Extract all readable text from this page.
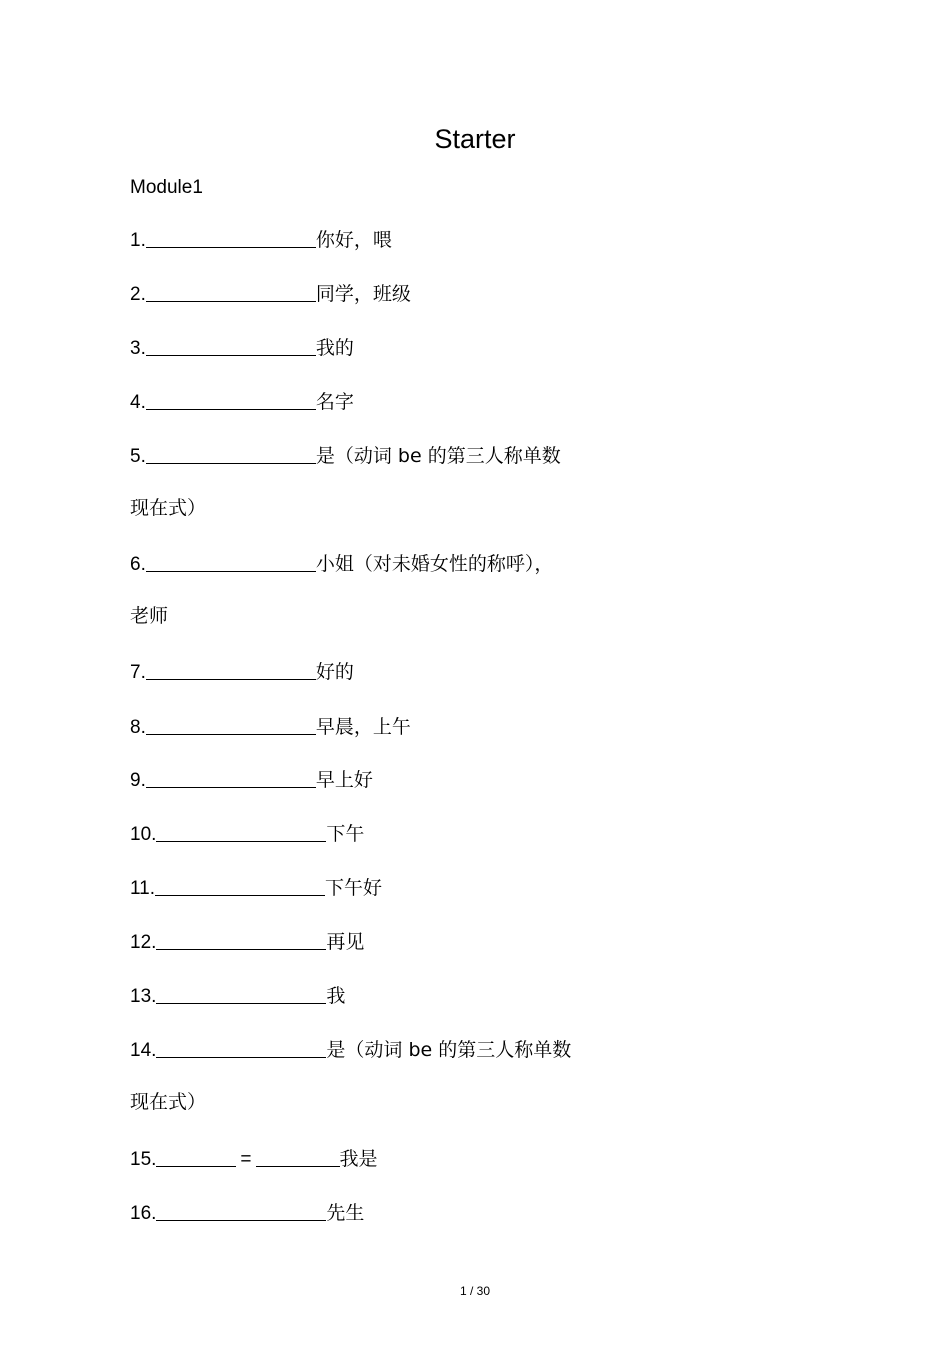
Starter
Module1
1.	你好，喂
2.	同学，班级
3.	我的
4.	名字
5.	是（动词 be 的第三人称单数
现在式）
6.	小姐（对未婚女性的称呼），
老师
7.	好的
8.	早晨，上午
9.	早上好
10.	下午
11.	下午好
12.	再见
13.	我
14.	是（动词 be 的第三人称单数
现在式）
15.	=	我是
16.	先生
1 / 30
